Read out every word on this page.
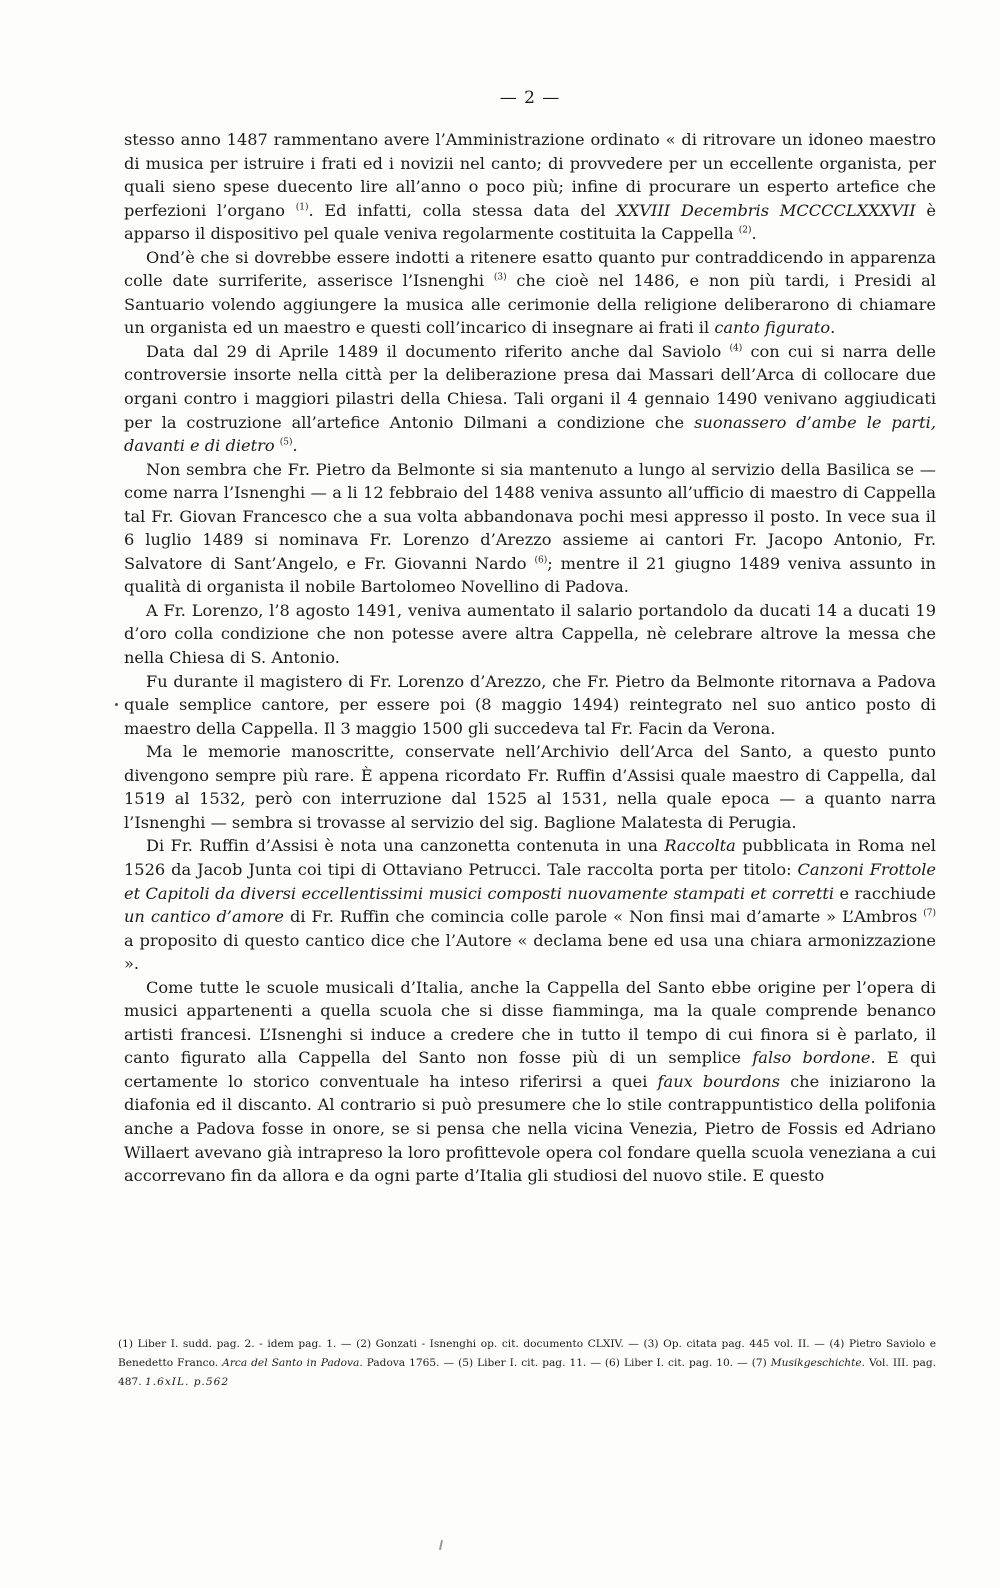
— 2 —

stesso anno 1487 rammentano avere l’Amministrazione ordinato « di ritrovare un idoneo maestro di musica per istruire i frati ed i novizii nel canto; di provvedere per un eccellente organista, per quali sieno spese duecento lire all’anno o poco più; infine di procurare un esperto artefice che perfezioni l’organo $^{(1)}$. Ed infatti, colla stessa data del XXVIII Decembris MCCCCLXXXVII è apparso il dispositivo pel quale veniva regolarmente costituita la Cappella $^{(2)}$.

Ond’è che si dovrebbe essere indotti a ritenere esatto quanto pur contraddicendo in apparenza colle date surriferite, asserisce l’Isnenghi $^{(3)}$ che cioè nel 1486, e non più tardi, i Presidi al Santuario volendo aggiungere la musica alle cerimonie della religione deliberarono di chiamare un organista ed un maestro e questi coll’incarico di insegnare ai frati il canto figurato.

Data dal 29 di Aprile 1489 il documento riferito anche dal Saviolo $^{(4)}$ con cui si narra delle controversie insorte nella città per la deliberazione presa dai Massari dell’Arca di collocare due organi contro i maggiori pilastri della Chiesa. Tali organi il 4 gennaio 1490 venivano aggiudicati per la costruzione all’artefice Antonio Dilmani a condizione che suonassero d’ambe le parti, davanti e di dietro $^{(5)}$.

Non sembra che Fr. Pietro da Belmonte si sia mantenuto a lungo al servizio della Basilica se — come narra l’Isnenghi — a li 12 febbraio del 1488 veniva assunto all’ufficio di maestro di Cappella tal Fr. Giovan Francesco che a sua volta abbandonava pochi mesi appresso il posto. In vece sua il 6 luglio 1489 si nominava Fr. Lorenzo d’Arezzo assieme ai cantori Fr. Jacopo Antonio, Fr. Salvatore di Sant’Angelo, e Fr. Giovanni Nardo $^{(6)}$; mentre il 21 giugno 1489 veniva assunto in qualità di organista il nobile Bartolomeo Novellino di Padova.

A Fr. Lorenzo, l’8 agosto 1491, veniva aumentato il salario portandolo da ducati 14 a ducati 19 d’oro colla condizione che non potesse avere altra Cappella, nè celebrare altrove la messa che nella Chiesa di S. Antonio.

Fu durante il magistero di Fr. Lorenzo d’Arezzo, che Fr. Pietro da Belmonte ritornava a Padova quale semplice cantore, per essere poi (8 maggio 1494) reintegrato nel suo antico posto di maestro della Cappella. Il 3 maggio 1500 gli succedeva tal Fr. Facin da Verona.

Ma le memorie manoscritte, conservate nell’Archivio dell’Arca del Santo, a questo punto divengono sempre più rare. È appena ricordato Fr. Ruffin d’Assisi quale maestro di Cappella, dal 1519 al 1532, però con interruzione dal 1525 al 1531, nella quale epoca — a quanto narra l’Isnenghi — sembra si trovasse al servizio del sig. Baglione Malatesta di Perugia.

Di Fr. Ruffin d’Assisi è nota una canzonetta contenuta in una Raccolta pubblicata in Roma nel 1526 da Jacob Junta coi tipi di Ottaviano Petrucci. Tale raccolta porta per titolo: Canzoni Frottole et Capitoli da diversi eccellentissimi musici composti nuovamente stampati et corretti e racchiude un cantico d’amore di Fr. Ruffin che comincia colle parole « Non finsi mai d’amarte » L’Ambros $^{(7)}$ a proposito di questo cantico dice che l’Autore « declama bene ed usa una chiara armonizzazione ».

Come tutte le scuole musicali d’Italia, anche la Cappella del Santo ebbe origine per l’opera di musici appartenenti a quella scuola che si disse fiamminga, ma la quale comprende benanco artisti francesi. L’Isnenghi si induce a credere che in tutto il tempo di cui finora si è parlato, il canto figurato alla Cappella del Santo non fosse più di un semplice falso bordone. E qui certamente lo storico conventuale ha inteso riferirsi a quei faux bourdons che iniziarono la diafonia ed il discanto. Al contrario si può presumere che lo stile contrappuntistico della polifonia anche a Padova fosse in onore, se si pensa che nella vicina Venezia, Pietro de Fossis ed Adriano Willaert avevano già intrapreso la loro profittevole opera col fondare quella scuola veneziana a cui accorrevano fin da allora e da ogni parte d’Italia gli studiosi del nuovo stile. E questo

(1) Liber I. sudd. pag. 2. - idem pag. 1. — (2) Gonzati - Isnenghi op. cit. documento CLXIV. — (3) Op. citata pag. 445 vol. II. — (4) Pietro Saviolo e Benedetto Franco. Arca del Santo in Padova. Padova 1765. — (5) Liber I. cit. pag. 11. — (6) Liber I. cit. pag. 10. — (7) Musikgeschichte. Vol. III. pag. 487. 1.6xIL. p.562
